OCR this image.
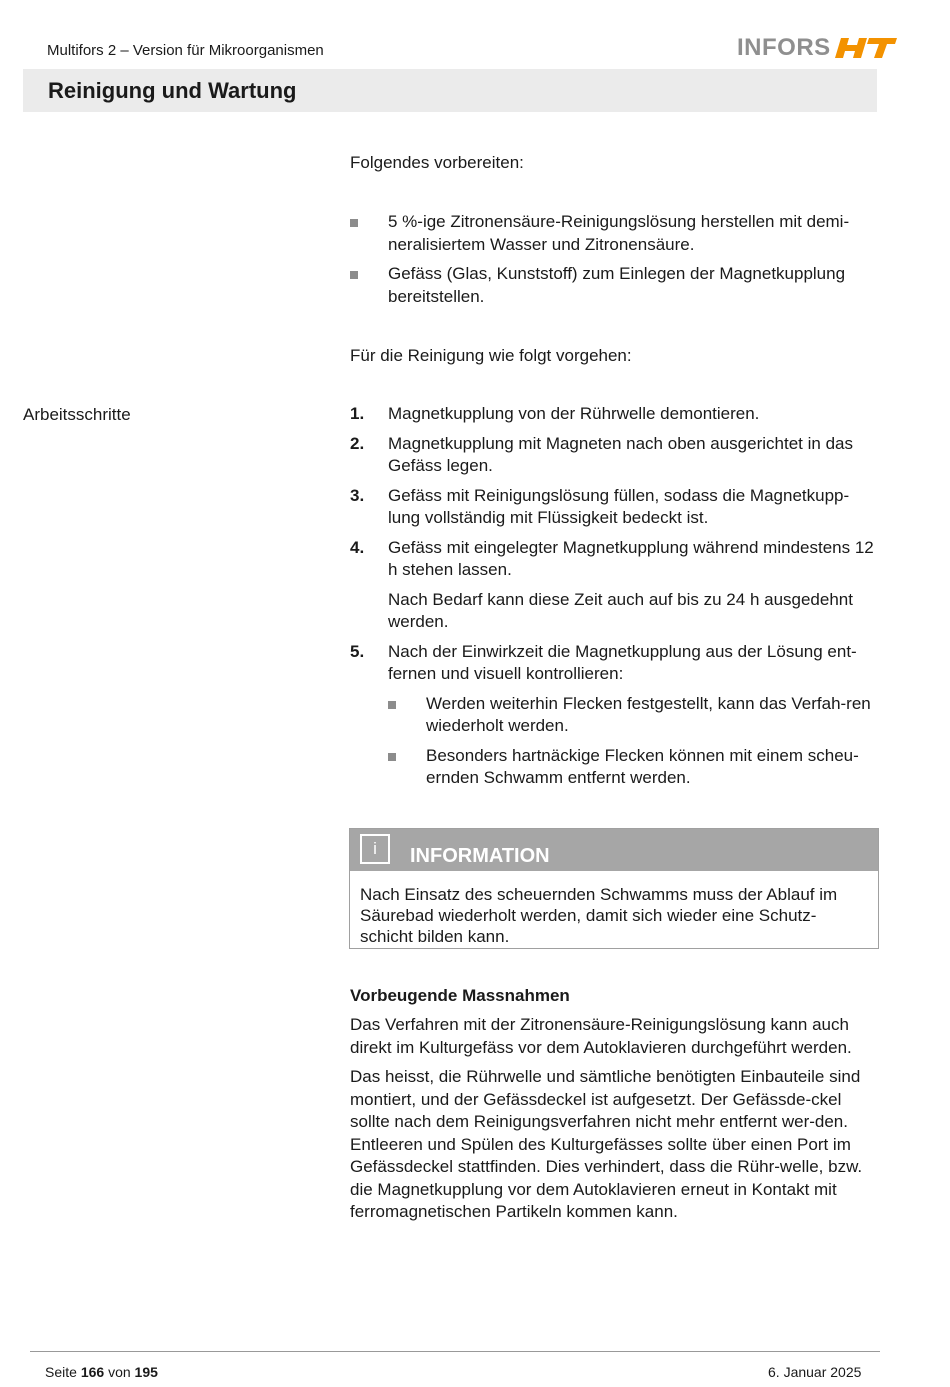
Multifors 2 – Version für Mikroorganismen	INFORS
Reinigung und Wartung
Folgendes vorbereiten:
5 %-ige Zitronensäure-Reinigungslösung herstellen mit demi-neralisiertem Wasser und Zitronensäure.
Gefäss (Glas, Kunststoff) zum Einlegen der Magnetkupplung bereitstellen.
Für die Reinigung wie folgt vorgehen:
Arbeitsschritte	1. Magnetkupplung von der Rührwelle demontieren.
2. Magnetkupplung mit Magneten nach oben ausgerichtet in das Gefäss legen.
3. Gefäss mit Reinigungslösung füllen, sodass die Magnetkupp-lung vollständig mit Flüssigkeit bedeckt ist.
4. Gefäss mit eingelegter Magnetkupplung während mindestens 12 h stehen lassen.
Nach Bedarf kann diese Zeit auch auf bis zu 24 h ausgedehnt werden.
5. Nach der Einwirkzeit die Magnetkupplung aus der Lösung ent-fernen und visuell kontrollieren:
Werden weiterhin Flecken festgestellt, kann das Verfah-ren wiederholt werden.
Besonders hartnäckige Flecken können mit einem scheu-ernden Schwamm entfernt werden.
i	INFORMATION
Nach Einsatz des scheuernden Schwamms muss der Ablauf im Säurebad wiederholt werden, damit sich wieder eine Schutz-schicht bilden kann.
Vorbeugende Massnahmen
Das Verfahren mit der Zitronensäure-Reinigungslösung kann auch direkt im Kulturgefäss vor dem Autoklavieren durchgeführt werden.
Das heisst, die Rührwelle und sämtliche benötigten Einbauteile sind montiert, und der Gefässdeckel ist aufgesetzt. Der Gefässde-ckel sollte nach dem Reinigungsverfahren nicht mehr entfernt wer-den. Entleeren und Spülen des Kulturgefässes sollte über einen Port im Gefässdeckel stattfinden. Dies verhindert, dass die Rühr-welle, bzw. die Magnetkupplung vor dem Autoklavieren erneut in Kontakt mit ferromagnetischen Partikeln kommen kann.
Seite 166 von 195	6. Januar 2025
